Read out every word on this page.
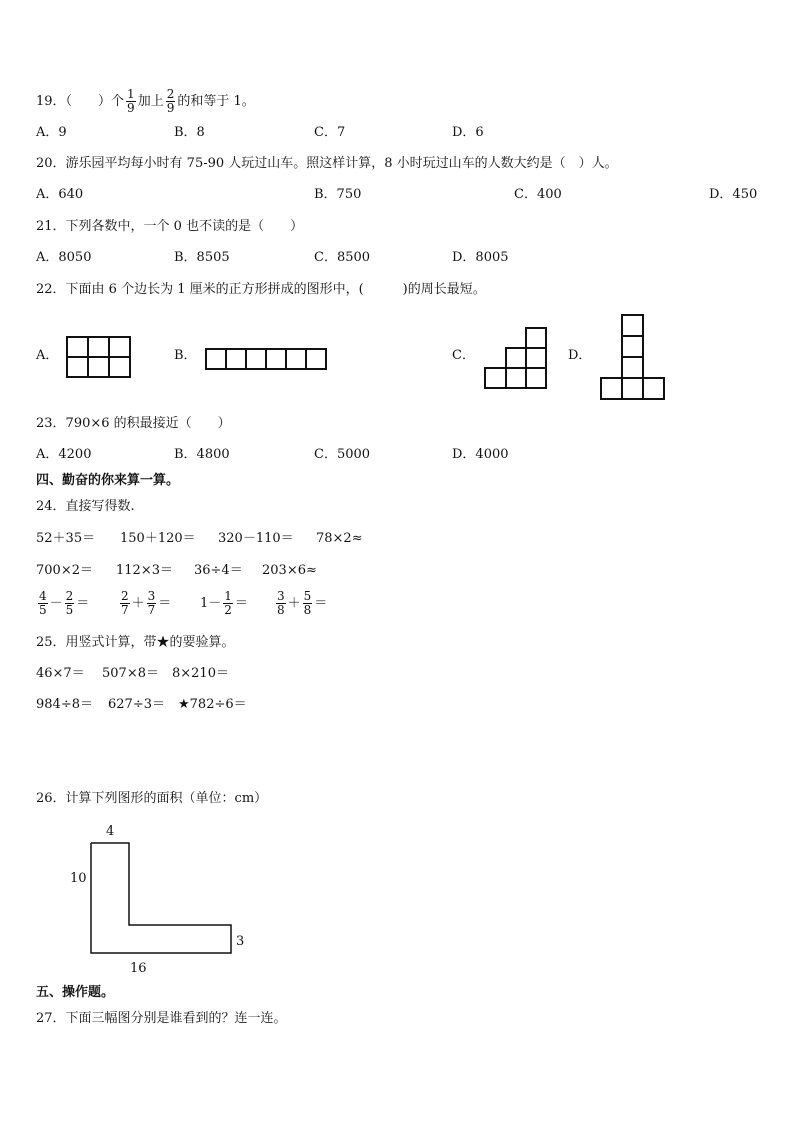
19．（　　）个 $\frac{1}{9}$ 加上 $\frac{2}{9}$ 的和等于 1。
A．9	B．8	C．7	D．6
20．游乐园平均每小时有 75-90 人玩过山车。照这样计算，8 小时玩过山车的人数大约是（　）人。
A．640	B．750	C．400	D．450
21．下列各数中，一个 0 也不读的是（　　）
A．8050	B．8505	C．8500	D．8005
22．下面由 6 个边长为 1 厘米的正方形拼成的图形中，(　　　)的周长最短。
A．	B．	C．	D．
23．790×6 的积最接近（　　）
A．4200	B．4800	C．5000	D．4000
四、勤奋的你来算一算。
24．直接写得数.
52＋35＝ 150＋120＝ 320－110＝ 78×2≈
700×2＝ 112×3＝ 36÷4＝ 203×6≈
$\frac{4}{5} - \frac{2}{5}$ ＝	$\frac{2}{7} + \frac{3}{7} = 1- \frac{1}{2} = \frac{3}{8} + \frac{5}{8}$ ＝
25．用竖式计算，带★的要验算。
46×7＝ 507×8＝ 8×210＝
984÷8＝ 627÷3＝ ★782÷6＝
26．计算下列图形的面积（单位：cm）
4
10
3
16
五、操作题。
27．下面三幅图分别是谁看到的？连一连。
